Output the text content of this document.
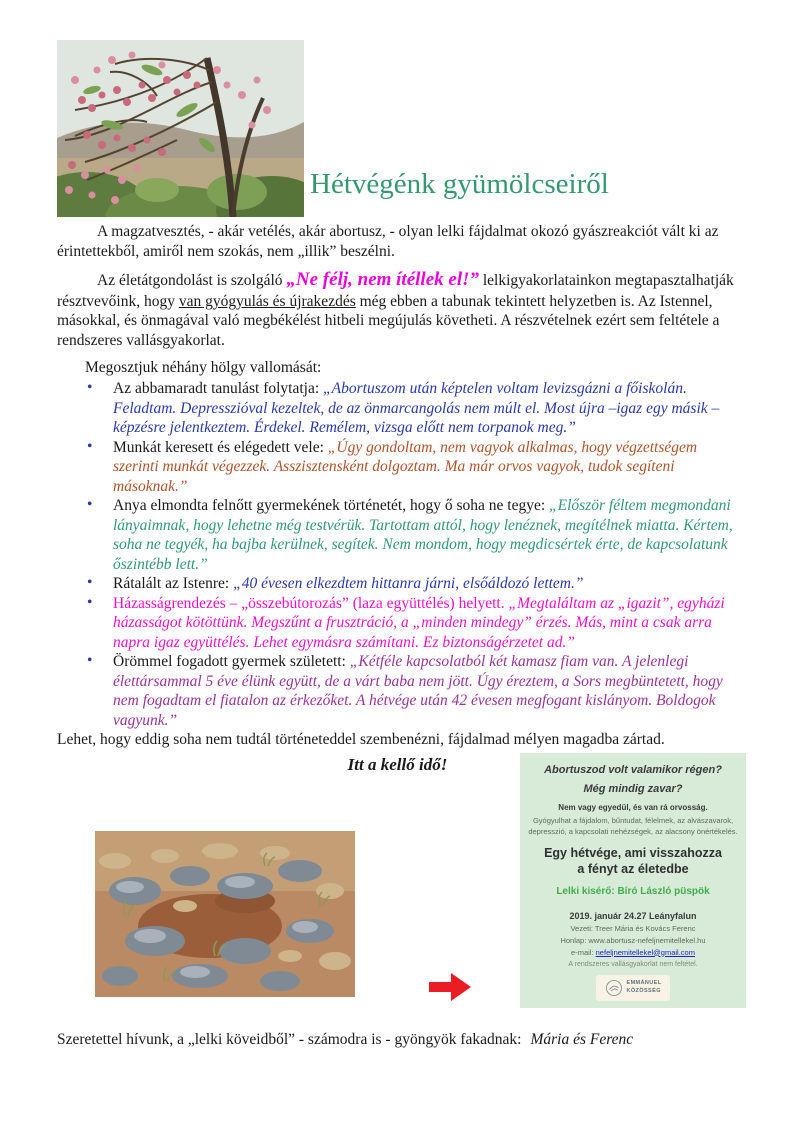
Hétvégénk gyümölcseiről

A magzatvesztés, - akár vetélés, akár abortusz, - olyan lelki fájdalmat okozó gyászreakciót vált ki az érintettekből, amiről nem szokás, nem „illik” beszélni.

Az életátgondolást is szolgáló „Ne félj, nem ítéllek el!” lelkigyakorlatainkon megtapasztalhatják résztvevőink, hogy van gyógyulás és újrakezdés még ebben a tabunak tekintett helyzetben is. Az Istennel, másokkal, és önmagával való megbékélést hitbeli megújulás követheti. A részvételnek ezért sem feltétele a rendszeres vallásgyakorlat.

Megosztjuk néhány hölgy vallomását:

• Az abbamaradt tanulást folytatja: „Abortuszom után képtelen voltam levizsgázni a főiskolán. Feladtam. Depresszióval kezeltek, de az önmarcangolás nem múlt el. Most újra –igaz egy másik – képzésre jelentkeztem. Érdekel. Remélem, vizsga előtt nem torpanok meg.”
• Munkát keresett és elégedett vele: „Úgy gondoltam, nem vagyok alkalmas, hogy végzettségem szerinti munkát végezzek. Asszisztensként dolgoztam. Ma már orvos vagyok, tudok segíteni másoknak.”
• Anya elmondta felnőtt gyermekének történetét, hogy ő soha ne tegye: „Először féltem megmondani lányaimnak, hogy lehetne még testvérük. Tartottam attól, hogy lenéznek, megítélnek miatta. Kértem, soha ne tegyék, ha bajba kerülnek, segítek. Nem mondom, hogy megdicsértek érte, de kapcsolatunk őszintébb lett.”
• Rátalált az Istenre: „40 évesen elkezdtem hittanra járni, elsőáldozó lettem.”
• Házasságrendezés – „összebútorozás” (laza együttélés) helyett. „Megtaláltam az „igazit”, egyházi házasságot kötöttünk. Megszűnt a frusztráció, a „minden mindegy” érzés. Más, mint a csak arra napra igaz együttélés. Lehet egymásra számítani. Ez biztonságérzetet ad.”
• Örömmel fogadott gyermek született: „Kétféle kapcsolatból két kamasz fiam van. A jelenlegi élettársammal 5 éve élünk együtt, de a várt baba nem jött. Úgy éreztem, a Sors megbüntetett, hogy nem fogadtam el fiatalon az érkezőket. A hétvége után 42 évesen megfogant kislányom. Boldogok vagyunk.”

Lehet, hogy eddig soha nem tudtál történeteddel szembenézni, fájdalmad mélyen magadba zártad.

Itt a kellő idő!	Abortuszod volt valamikor régen?
Még mindig zavar?
Nem vagy egyedül, és van rá orvosság.
Gyógyulhat a fájdalom, bűntudat, félelmek, az alvászavarok,
depresszió, a kapcsolati nehézségek, az alacsony önértékelés.
Egy hétvége, ami visszahozza
a fényt az életedbe
Lelki kisérő: Bíró László püspök
2019. január 24.27 Leányfalun
Vezeti: Treer Mária és Kovács Ferenc
Honlap: www.abortusz-nefeljnemitellekel.hu
e-mail: nefeljnemitellekel@gmail.com
A rendszeres vallásgyakorlat nem feltétel.
EMMÁNUEL
KÖZÖSSÉG
Szeretettel hívunk, a „lelki köveidből” - számodra is - gyöngyök fakadnak: Mária és Ferenc
